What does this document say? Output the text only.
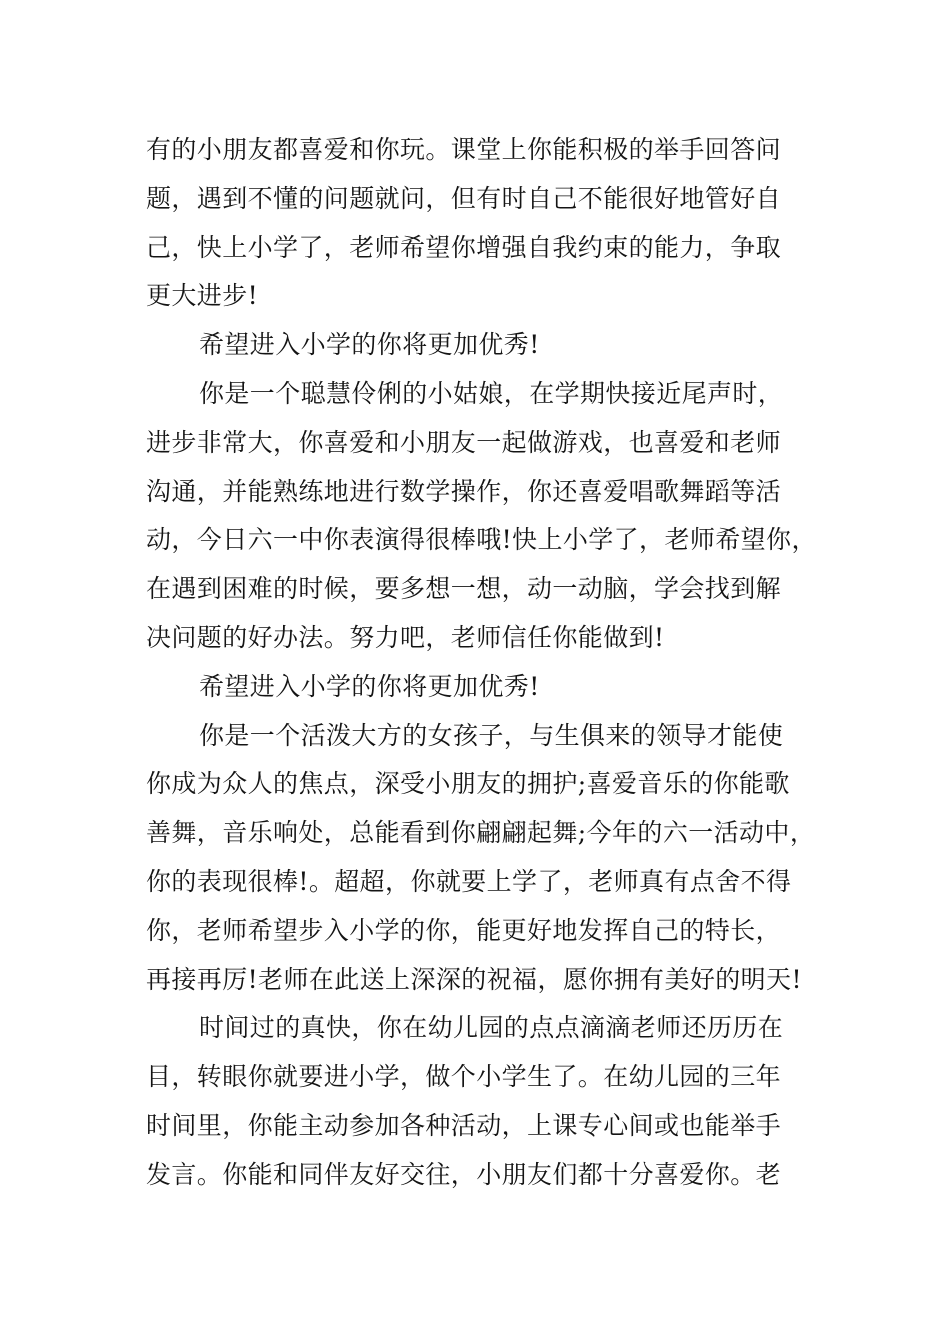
有的小朋友都喜爱和你玩。课堂上你能积极的举手回答问
题，遇到不懂的问题就问，但有时自己不能很好地管好自
己，快上小学了，老师希望你增强自我约束的能力，争取
更大进步!
希望进入小学的你将更加优秀!
你是一个聪慧伶俐的小姑娘，在学期快接近尾声时，
进步非常大，你喜爱和小朋友一起做游戏，也喜爱和老师
沟通，并能熟练地进行数学操作，你还喜爱唱歌舞蹈等活
动，今日六一中你表演得很棒哦!快上小学了，老师希望你，
在遇到困难的时候，要多想一想，动一动脑，学会找到解
决问题的好办法。努力吧，老师信任你能做到!
希望进入小学的你将更加优秀!
你是一个活泼大方的女孩子，与生俱来的领导才能使
你成为众人的焦点，深受小朋友的拥护;喜爱音乐的你能歌
善舞，音乐响处，总能看到你翩翩起舞;今年的六一活动中，
你的表现很棒!。超超，你就要上学了，老师真有点舍不得
你，老师希望步入小学的你，能更好地发挥自己的特长，
再接再厉!老师在此送上深深的祝福，愿你拥有美好的明天!
时间过的真快，你在幼儿园的点点滴滴老师还历历在
目，转眼你就要进小学，做个小学生了。在幼儿园的三年
时间里，你能主动参加各种活动，上课专心间或也能举手
发言。你能和同伴友好交往，小朋友们都十分喜爱你。老
